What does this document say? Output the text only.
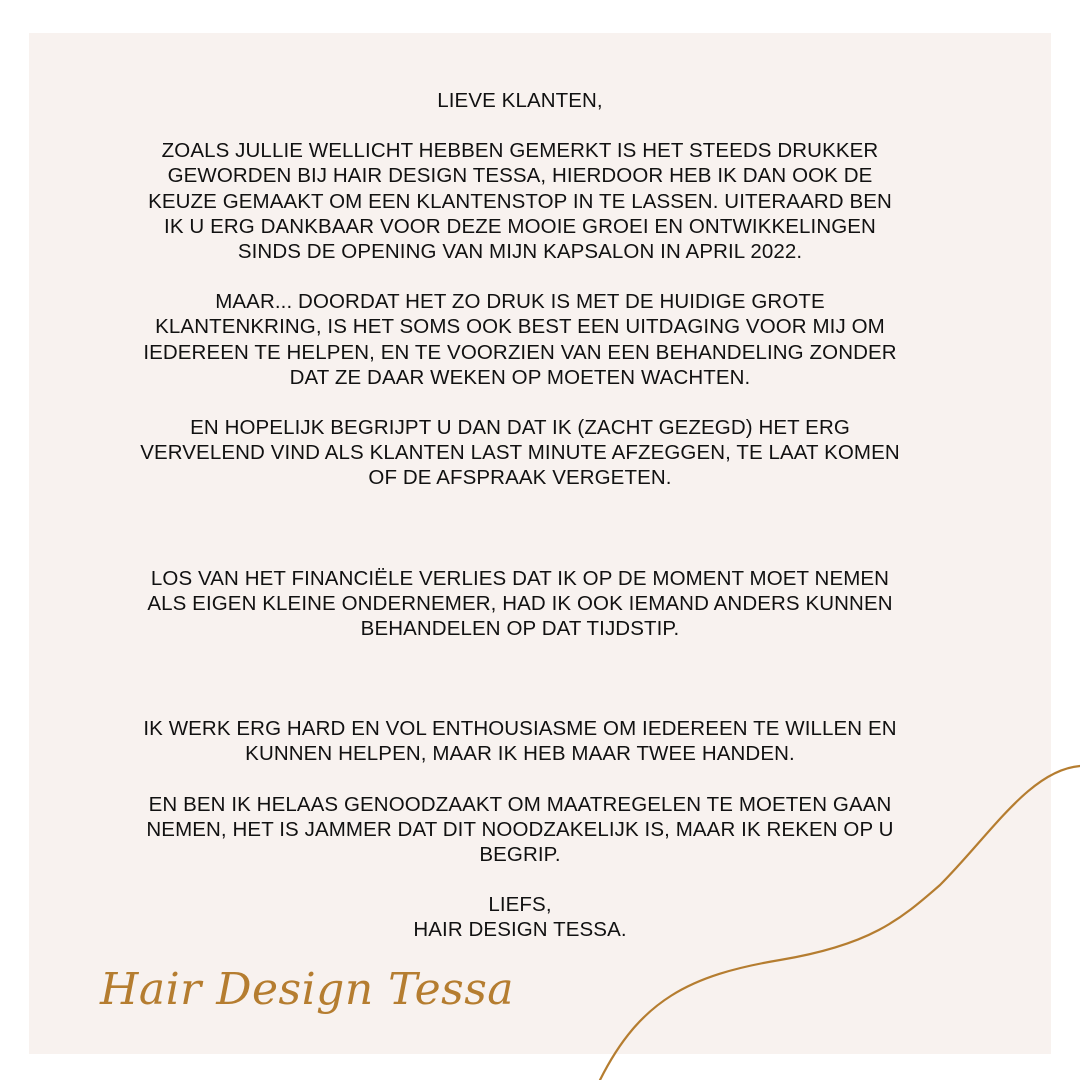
LIEVE KLANTEN,

ZOALS JULLIE WELLICHT HEBBEN GEMERKT IS HET STEEDS DRUKKER GEWORDEN BIJ HAIR DESIGN TESSA, HIERDOOR HEB IK DAN OOK DE KEUZE GEMAAKT OM EEN KLANTENSTOP IN TE LASSEN. UITERAARD BEN IK U ERG DANKBAAR VOOR DEZE MOOIE GROEI EN ONTWIKKELINGEN SINDS DE OPENING VAN MIJN KAPSALON IN APRIL 2022.

MAAR... DOORDAT HET ZO DRUK IS MET DE HUIDIGE GROTE KLANTENKRING, IS HET SOMS OOK BEST EEN UITDAGING VOOR MIJ OM IEDEREEN TE HELPEN, EN TE VOORZIEN VAN EEN BEHANDELING ZONDER DAT ZE DAAR WEKEN OP MOETEN WACHTEN.

EN HOPELIJK BEGRIJPT U DAN DAT IK (ZACHT GEZEGD) HET ERG VERVELEND VIND ALS KLANTEN LAST MINUTE AFZEGGEN, TE LAAT KOMEN OF DE AFSPRAAK VERGETEN.

LOS VAN HET FINANCIËLE VERLIES DAT IK OP DE MOMENT MOET NEMEN ALS EIGEN KLEINE ONDERNEMER, HAD IK OOK IEMAND ANDERS KUNNEN BEHANDELEN OP DAT TIJDSTIP.

IK WERK ERG HARD EN VOL ENTHOUSIASME OM IEDEREEN TE WILLEN EN KUNNEN HELPEN, MAAR IK HEB MAAR TWEE HANDEN.

EN BEN IK HELAAS GENOODZAAKT OM MAATREGELEN TE MOETEN GAAN NEMEN, HET IS JAMMER DAT DIT NOODZAKELIJK IS, MAAR IK REKEN OP U BEGRIP.

LIEFS,

HAIR DESIGN TESSA.

Hair Design Tessa
